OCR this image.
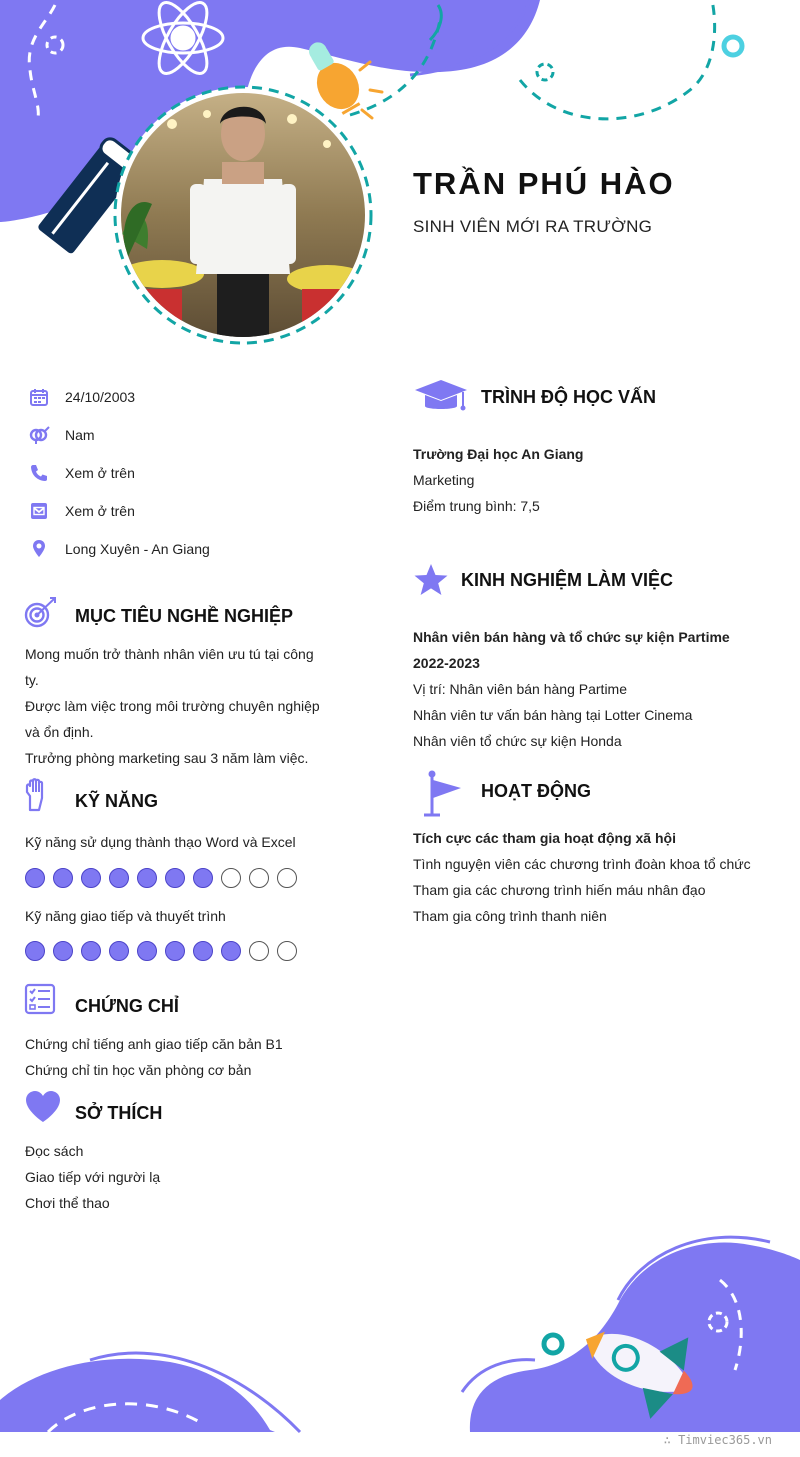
TRẦN PHÚ HÀO
SINH VIÊN MỚI RA TRƯỜNG
24/10/2003
Nam
Xem ở trên
Xem ở trên
Long Xuyên - An Giang
MỤC TIÊU NGHỀ NGHIỆP
Mong muốn trở thành nhân viên ưu tú tại công
ty.
Được làm việc trong môi trường chuyên nghiệp
và ổn định.
Trưởng phòng marketing sau 3 năm làm việc.
KỸ NĂNG
Kỹ năng sử dụng thành thạo Word và Excel
Kỹ năng giao tiếp và thuyết trình
CHỨNG CHỈ
Chứng chỉ tiếng anh giao tiếp căn bản B1
Chứng chỉ tin học văn phòng cơ bản
SỞ THÍCH
Đọc sách
Giao tiếp với người lạ
Chơi thể thao
TRÌNH ĐỘ HỌC VẤN
Trường Đại học An Giang
Marketing
Điểm trung bình: 7,5
KINH NGHIỆM LÀM VIỆC
Nhân viên bán hàng và tổ chức sự kiện Partime
2022-2023
Vị trí: Nhân viên bán hàng Partime
Nhân viên tư vấn bán hàng tại Lotter Cinema
Nhân viên tổ chức sự kiện Honda
HOẠT ĐỘNG
Tích cực các tham gia hoạt động xã hội
Tình nguyện viên các chương trình đoàn khoa tổ chức
Tham gia các chương trình hiến máu nhân đạo
Tham gia công trình thanh niên
∴ Timviec365.vn
